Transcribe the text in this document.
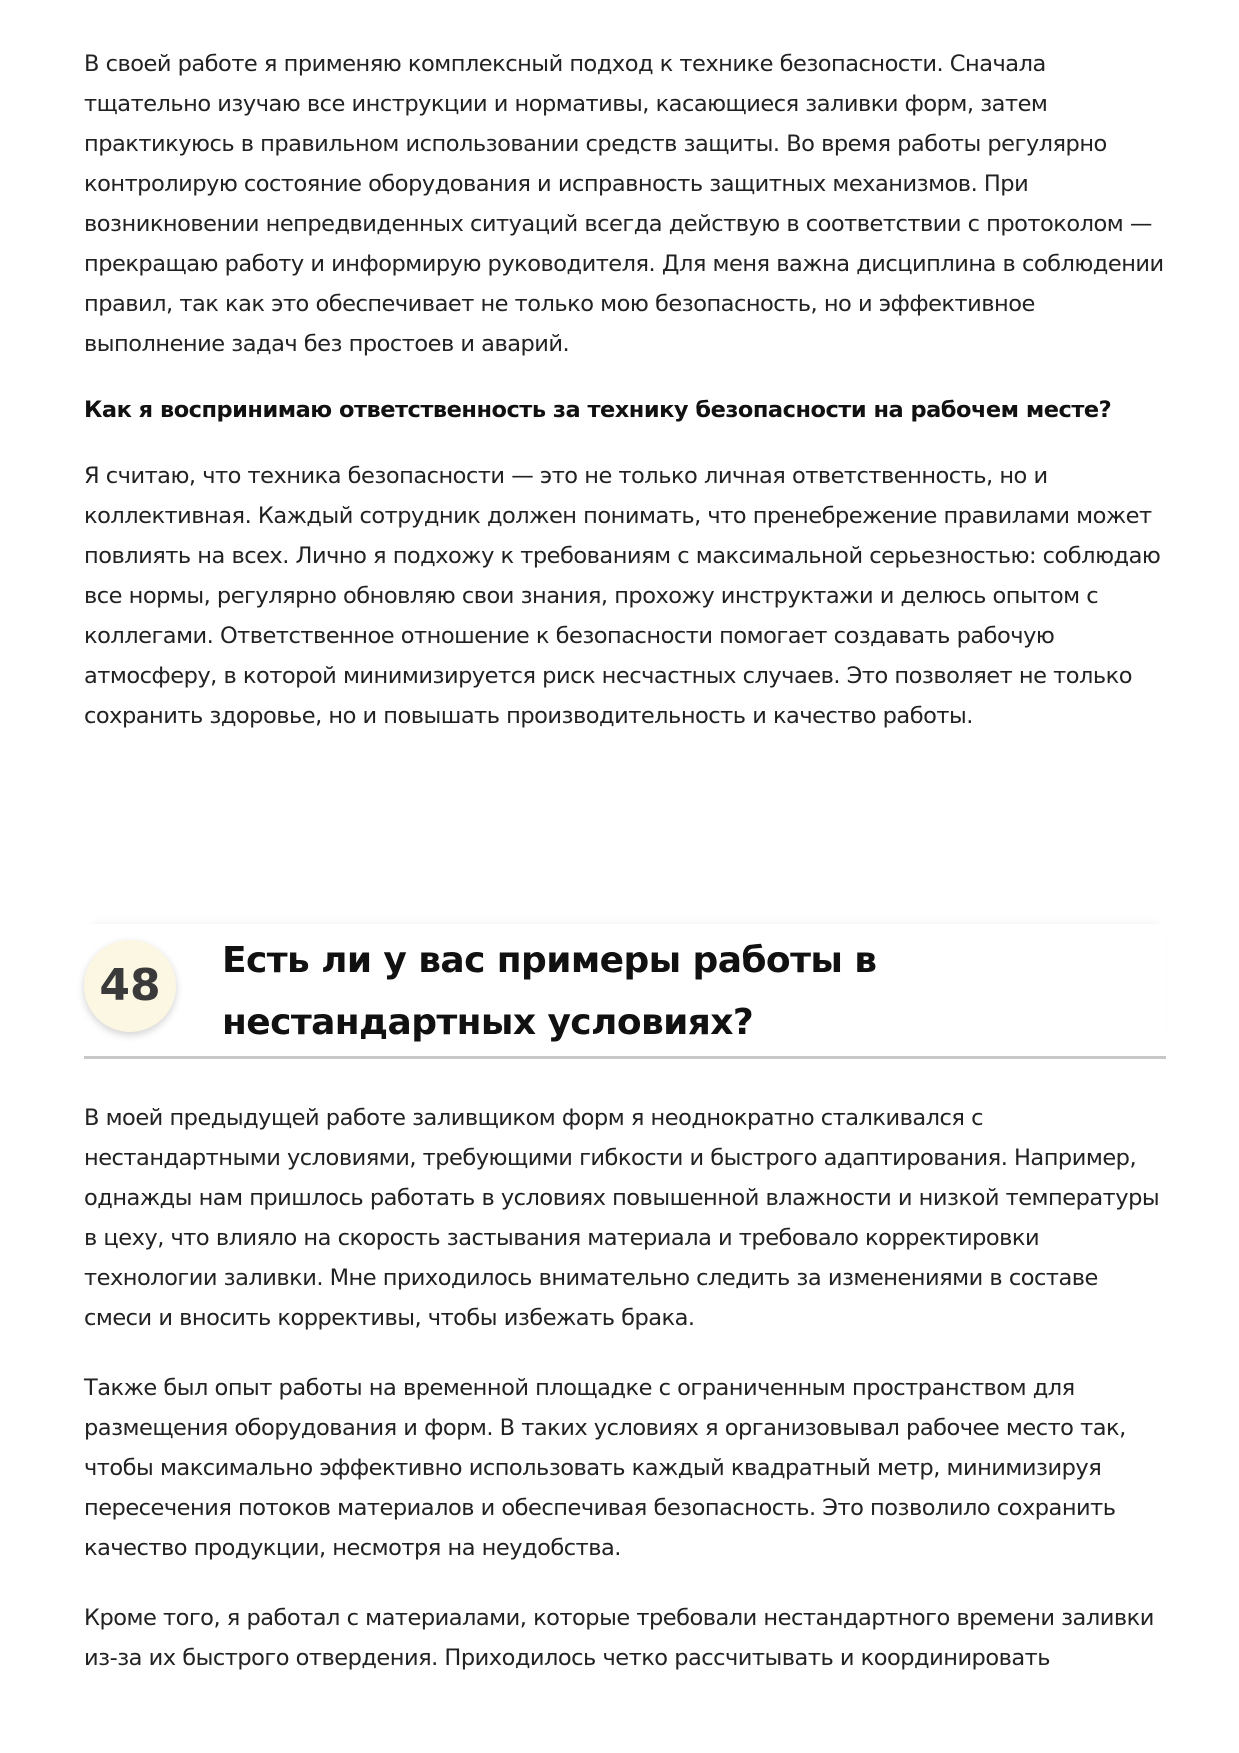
В своей работе я применяю комплексный подход к технике безопасности. Сначала тщательно изучаю все инструкции и нормативы, касающиеся заливки форм, затем практикуюсь в правильном использовании средств защиты. Во время работы регулярно контролирую состояние оборудования и исправность защитных механизмов. При возникновении непредвиденных ситуаций всегда действую в соответствии с протоколом — прекращаю работу и информирую руководителя. Для меня важна дисциплина в соблюдении правил, так как это обеспечивает не только мою безопасность, но и эффективное выполнение задач без простоев и аварий.

Как я воспринимаю ответственность за технику безопасности на рабочем месте?

Я считаю, что техника безопасности — это не только личная ответственность, но и коллективная. Каждый сотрудник должен понимать, что пренебрежение правилами может повлиять на всех. Лично я подхожу к требованиям с максимальной серьезностью: соблюдаю все нормы, регулярно обновляю свои знания, прохожу инструктажи и делюсь опытом с коллегами. Ответственное отношение к безопасности помогает создавать рабочую атмосферу, в которой минимизируется риск несчастных случаев. Это позволяет не только сохранить здоровье, но и повышать производительность и качество работы.

48	Есть ли у вас примеры работы в нестандартных условиях?

В моей предыдущей работе заливщиком форм я неоднократно сталкивался с нестандартными условиями, требующими гибкости и быстрого адаптирования. Например, однажды нам пришлось работать в условиях повышенной влажности и низкой температуры в цеху, что влияло на скорость застывания материала и требовало корректировки технологии заливки. Мне приходилось внимательно следить за изменениями в составе смеси и вносить коррективы, чтобы избежать брака.

Также был опыт работы на временной площадке с ограниченным пространством для размещения оборудования и форм. В таких условиях я организовывал рабочее место так, чтобы максимально эффективно использовать каждый квадратный метр, минимизируя пересечения потоков материалов и обеспечивая безопасность. Это позволило сохранить качество продукции, несмотря на неудобства.

Кроме того, я работал с материалами, которые требовали нестандартного времени заливки из-за их быстрого отвердения. Приходилось четко рассчитывать и координировать
